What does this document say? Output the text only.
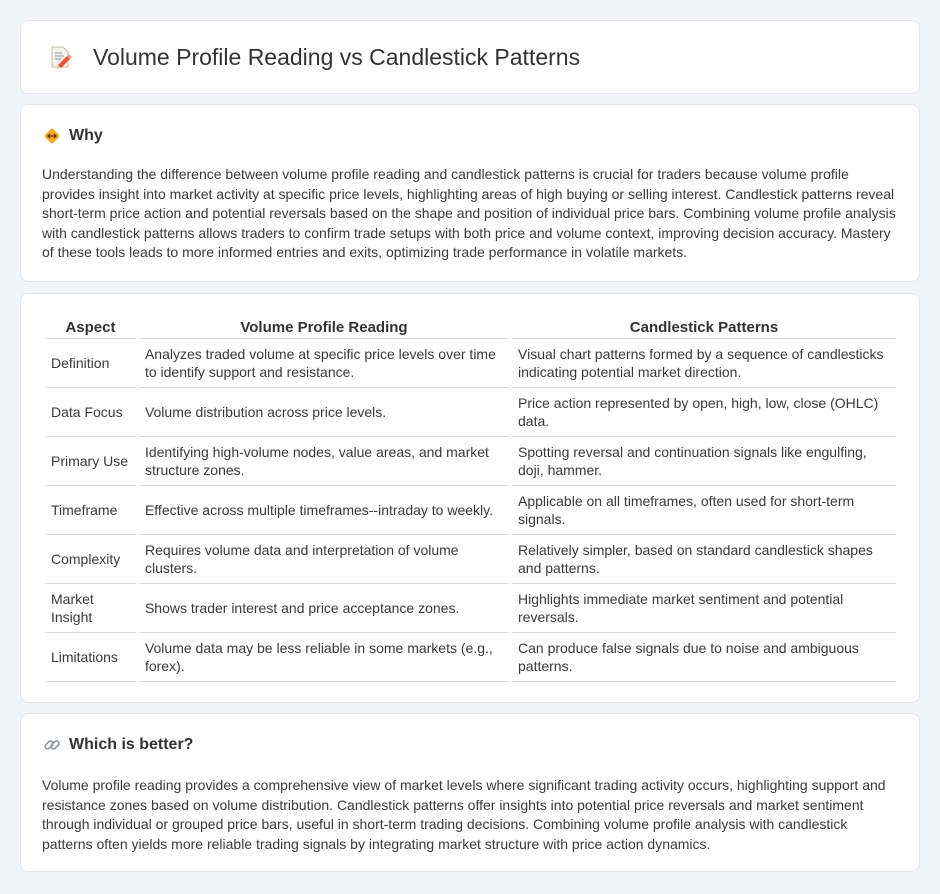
Volume Profile Reading vs Candlestick Patterns
Why

Understanding the difference between volume profile reading and candlestick patterns is crucial for traders because volume profile provides insight into market activity at specific price levels, highlighting areas of high buying or selling interest. Candlestick patterns reveal short-term price action and potential reversals based on the shape and position of individual price bars. Combining volume profile analysis with candlestick patterns allows traders to confirm trade setups with both price and volume context, improving decision accuracy. Mastery of these tools leads to more informed entries and exits, optimizing trade performance in volatile markets.

Aspect	Volume Profile Reading	Candlestick Patterns
Definition	Analyzes traded volume at specific price levels over time to identify support and resistance.	Visual chart patterns formed by a sequence of candlesticks indicating potential market direction.
Data Focus	Volume distribution across price levels.	Price action represented by open, high, low, close (OHLC) data.
Primary Use	Identifying high-volume nodes, value areas, and market structure zones.	Spotting reversal and continuation signals like engulfing, doji, hammer.
Timeframe	Effective across multiple timeframes--intraday to weekly.	Applicable on all timeframes, often used for short-term signals.
Complexity	Requires volume data and interpretation of volume clusters.	Relatively simpler, based on standard candlestick shapes and patterns.
Market Insight	Shows trader interest and price acceptance zones.	Highlights immediate market sentiment and potential reversals.
Limitations	Volume data may be less reliable in some markets (e.g., forex).	Can produce false signals due to noise and ambiguous patterns.
Which is better?

Volume profile reading provides a comprehensive view of market levels where significant trading activity occurs, highlighting support and resistance zones based on volume distribution. Candlestick patterns offer insights into potential price reversals and market sentiment through individual or grouped price bars, useful in short-term trading decisions. Combining volume profile analysis with candlestick patterns often yields more reliable trading signals by integrating market structure with price action dynamics.
